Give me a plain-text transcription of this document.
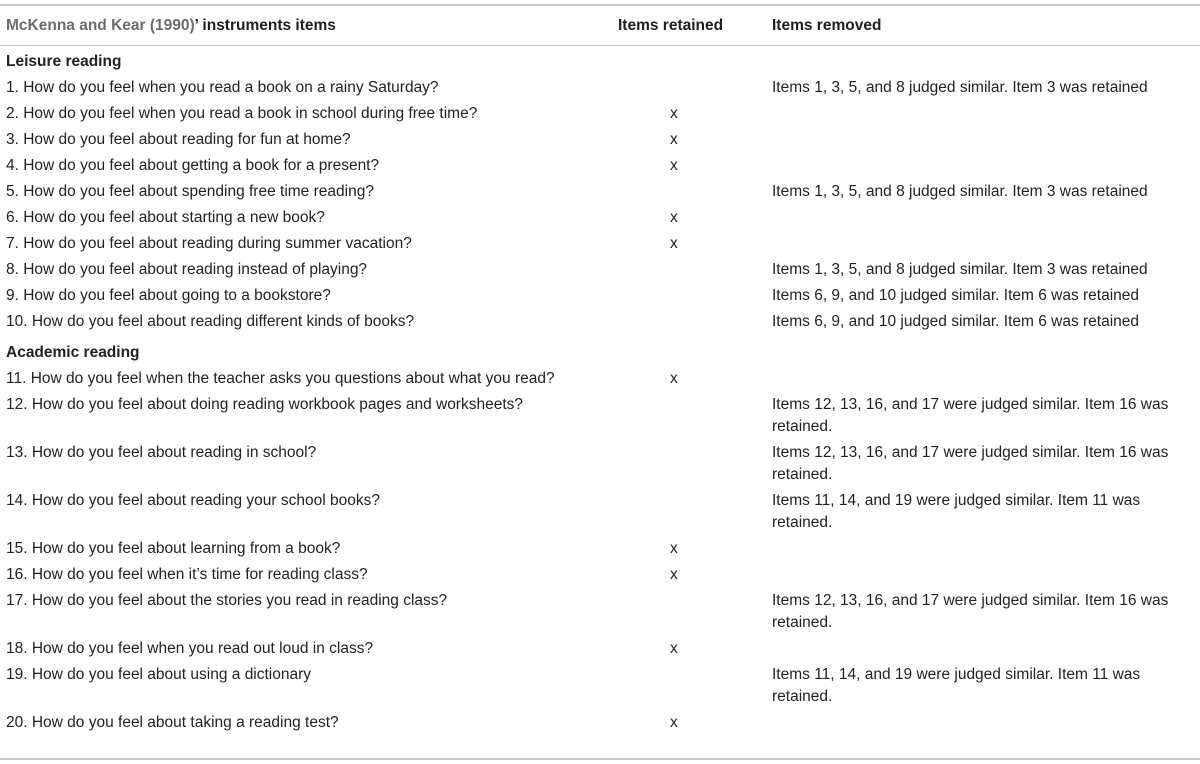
McKenna and Kear (1990)’ instruments items	Items retained	Items removed
Leisure reading		
1. How do you feel when you read a book on a rainy Saturday?		Items 1, 3, 5, and 8 judged similar. Item 3 was retained
2. How do you feel when you read a book in school during free time?	x	
3. How do you feel about reading for fun at home?	x	
4. How do you feel about getting a book for a present?	x	
5. How do you feel about spending free time reading?		Items 1, 3, 5, and 8 judged similar. Item 3 was retained
6. How do you feel about starting a new book?	x	
7. How do you feel about reading during summer vacation?	x	
8. How do you feel about reading instead of playing?		Items 1, 3, 5, and 8 judged similar. Item 3 was retained
9. How do you feel about going to a bookstore?		Items 6, 9, and 10 judged similar. Item 6 was retained
10. How do you feel about reading different kinds of books?		Items 6, 9, and 10 judged similar. Item 6 was retained
Academic reading		
11. How do you feel when the teacher asks you questions about what you read?	x	
12. How do you feel about doing reading workbook pages and worksheets?		Items 12, 13, 16, and 17 were judged similar. Item 16 was retained.
13. How do you feel about reading in school?		Items 12, 13, 16, and 17 were judged similar. Item 16 was retained.
14. How do you feel about reading your school books?		Items 11, 14, and 19 were judged similar. Item 11 was retained.
15. How do you feel about learning from a book?	x	
16. How do you feel when it’s time for reading class?	x	
17. How do you feel about the stories you read in reading class?		Items 12, 13, 16, and 17 were judged similar. Item 16 was retained.
18. How do you feel when you read out loud in class?	x	
19. How do you feel about using a dictionary		Items 11, 14, and 19 were judged similar. Item 11 was retained.
20. How do you feel about taking a reading test?	x	
